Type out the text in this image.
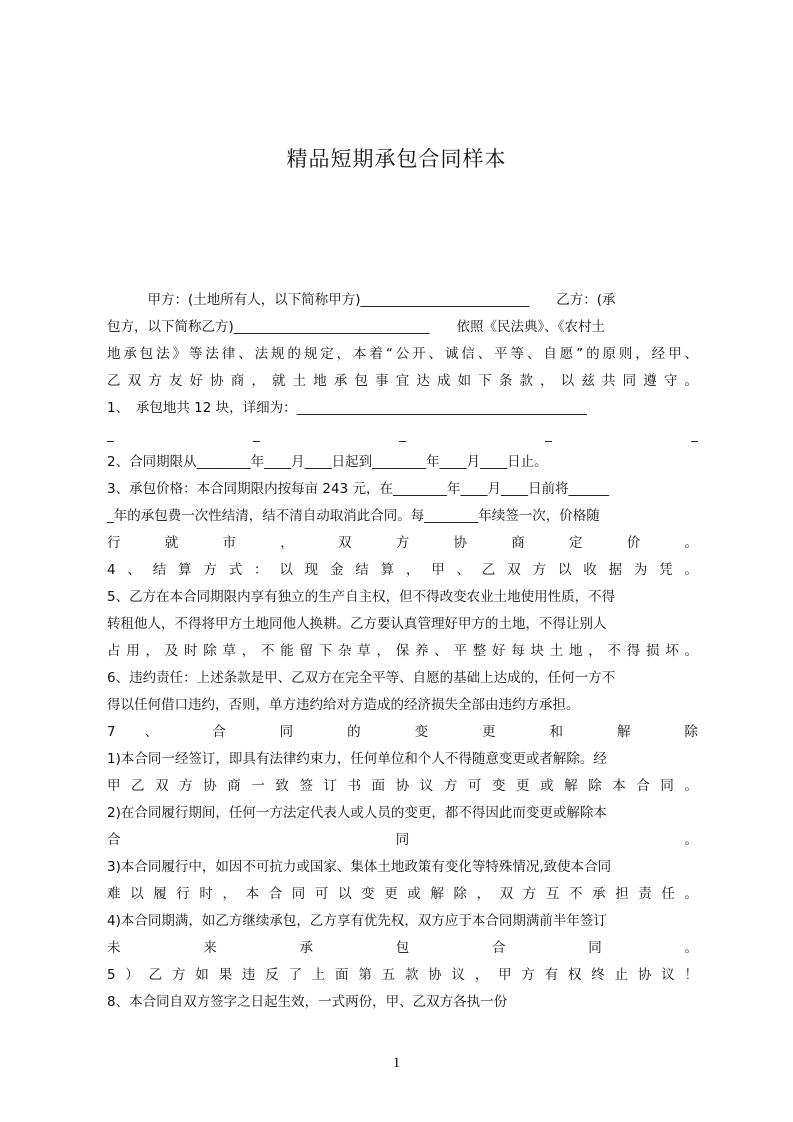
精品短期承包合同样本
　　　甲方：(土地所有人，以下简称甲方)_________________________　　乙方：(承
包方，以下简称乙方)_____________________________　　依照《民法典》、《农村土
地承包法》等法律、法规的规定，本着“公开、诚信、平等、自愿”的原则，经甲、
乙双方友好协商，就土地承包事宜达成如下条款，以兹共同遵守。
1、　承包地共 12 块，详细为：___________________________________________
_ _ _ _ _
2、合同期限从________年____月____日起到________年____月____日止。
3、承包价格：本合同期限内按每亩 243 元，在________年____月____日前将______
_年的承包费一次性结清，结不清自动取消此合同。每________年续签一次，价格随
行 就 市 ， 双 方 协 商 定 价 。
4、结算方式：以现金结算，甲、乙双方以收据为凭。
5、乙方在本合同期限内享有独立的生产自主权，但不得改变农业土地使用性质，不得
转租他人，不得将甲方土地同他人换耕。乙方要认真管理好甲方的土地，不得让别人
占用，及时除草，不能留下杂草，保养、平整好每块土地，不得损坏。
6、违约责任：上述条款是甲、乙双方在完全平等、自愿的基础上达成的，任何一方不
得以任何借口违约，否则，单方违约给对方造成的经济损失全部由违约方承担。
7 、 合 同 的 变 更 和 解 除
1)本合同一经签订，即具有法律约束力，任何单位和个人不得随意变更或者解除。经
甲乙双方协商一致签订书面协议方可变更或解除本合同。
2)在合同履行期间，任何一方法定代表人或人员的变更，都不得因此而变更或解除本
合 同 。
3)本合同履行中，如因不可抗力或国家、集体土地政策有变化等特殊情况,致使本合同
难以履行时，本合同可以变更或解除，双方互不承担责任。
4)本合同期满，如乙方继续承包，乙方享有优先权，双方应于本合同期满前半年签订
未 来 承 包 合 同 。
5）乙方如果违反了上面第五款协议，甲方有权终止协议！
8、本合同自双方签字之日起生效，一式两份，甲、乙双方各执一份
1
